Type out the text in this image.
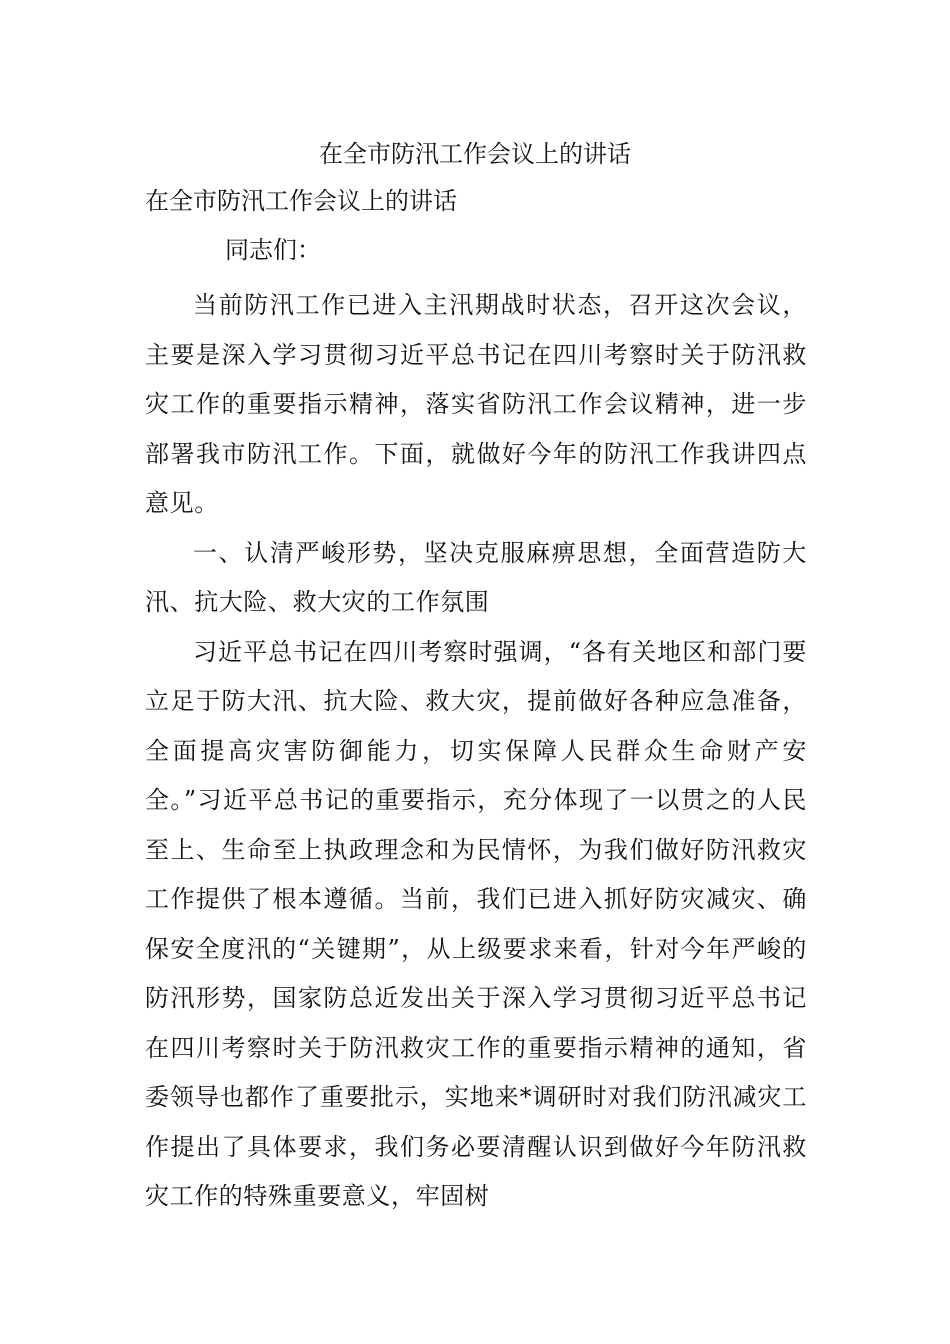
在全市防汛工作会议上的讲话

在全市防汛工作会议上的讲话

同志们：

当前防汛工作已进入主汛期战时状态，召开这次会议，主要是深入学习贯彻习近平总书记在四川考察时关于防汛救灾工作的重要指示精神，落实省防汛工作会议精神，进一步部署我市防汛工作。下面，就做好今年的防汛工作我讲四点意见。

一、认清严峻形势，坚决克服麻痹思想，全面营造防大汛、抗大险、救大灾的工作氛围

习近平总书记在四川考察时强调，“各有关地区和部门要立足于防大汛、抗大险、救大灾，提前做好各种应急准备，全面提高灾害防御能力，切实保障人民群众生命财产安全。”习近平总书记的重要指示，充分体现了一以贯之的人民至上、生命至上执政理念和为民情怀，为我们做好防汛救灾工作提供了根本遵循。当前，我们已进入抓好防灾减灾、确保安全度汛的“关键期”，从上级要求来看，针对今年严峻的防汛形势，国家防总近发出关于深入学习贯彻习近平总书记在四川考察时关于防汛救灾工作的重要指示精神的通知，省委领导也都作了重要批示，实地来*调研时对我们防汛减灾工作提出了具体要求，我们务必要清醒认识到做好今年防汛救灾工作的特殊重要意义，牢固树
